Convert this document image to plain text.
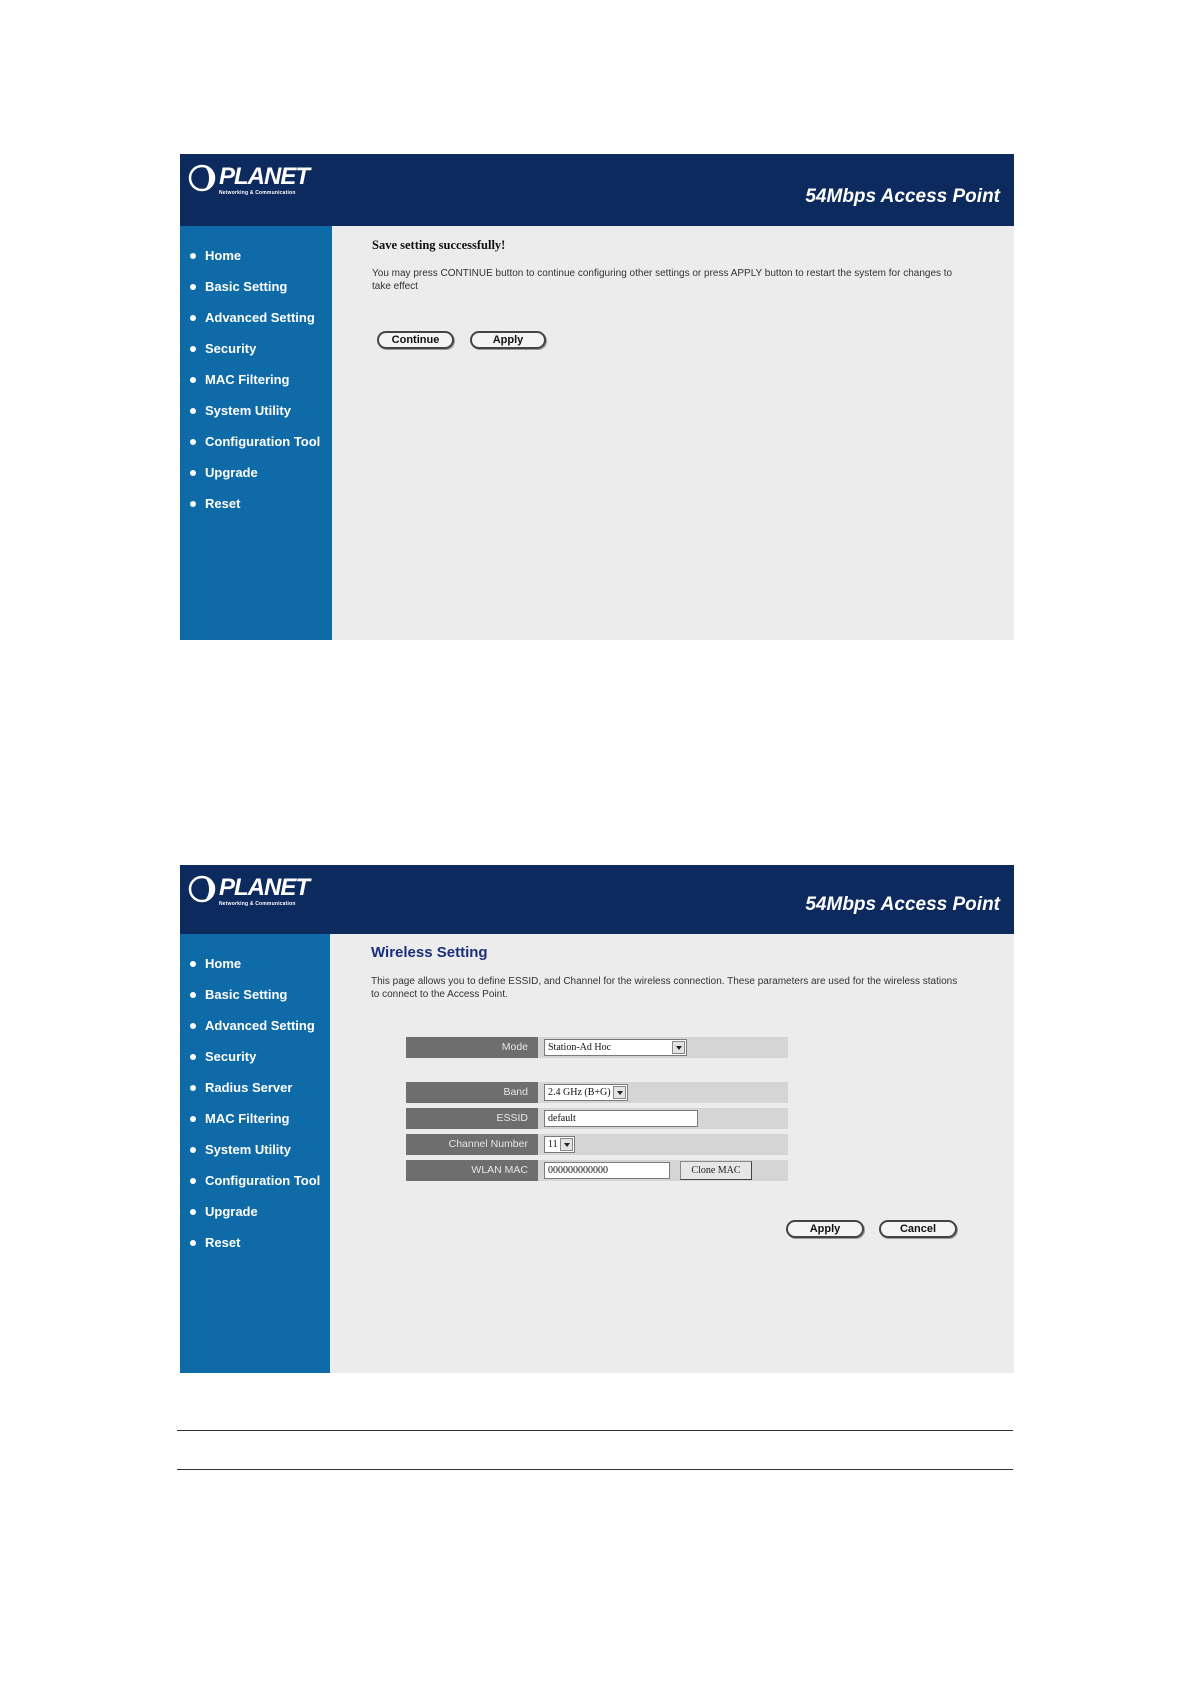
PLANET
Networking & Communication	54Mbps Access Point
Home
Basic Setting
Advanced Setting
Security
MAC Filtering
System Utility
Configuration Tool
Upgrade
Reset
Save setting successfully!
You may press CONTINUE button to continue configuring other settings or press APPLY button to restart the system for changes to take effect
Continue	Apply
PLANET
Networking & Communication	54Mbps Access Point
Home
Basic Setting
Advanced Setting
Security
Radius Server
MAC Filtering
System Utility
Configuration Tool
Upgrade
Reset
Wireless Setting
This page allows you to define ESSID, and Channel for the wireless connection. These parameters are used for the wireless stations to connect to the Access Point.
Mode	Station-Ad Hoc
Band	2.4 GHz (B+G)
ESSID	default
Channel Number	11
WLAN MAC	000000000000	Clone MAC
Apply	Cancel
